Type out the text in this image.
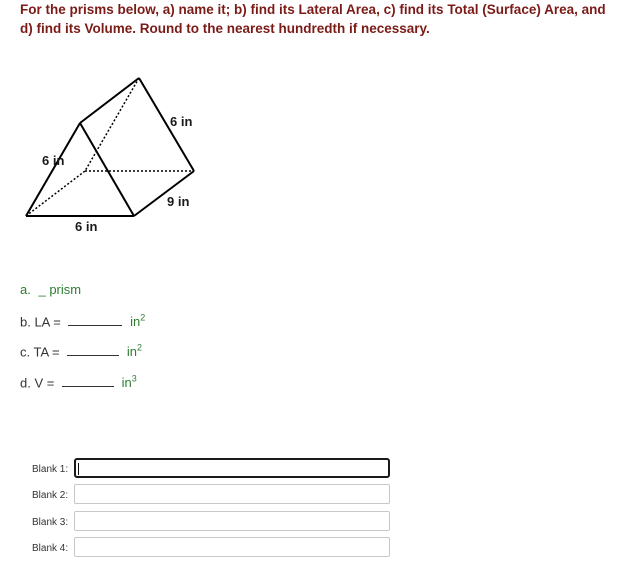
For the prisms below, a) name it; b) find its Lateral Area, c) find its Total (Surface) Area, and
d) find its Volume. Round to the nearest hundredth if necessary.
6 in
6 in
6 in
9 in
a. _ prism
b. LA =	$in^2$
c. TA =	$in^2$
d. V =	$in^3$
Blank 1:
Blank 2:
Blank 3:
Blank 4:
